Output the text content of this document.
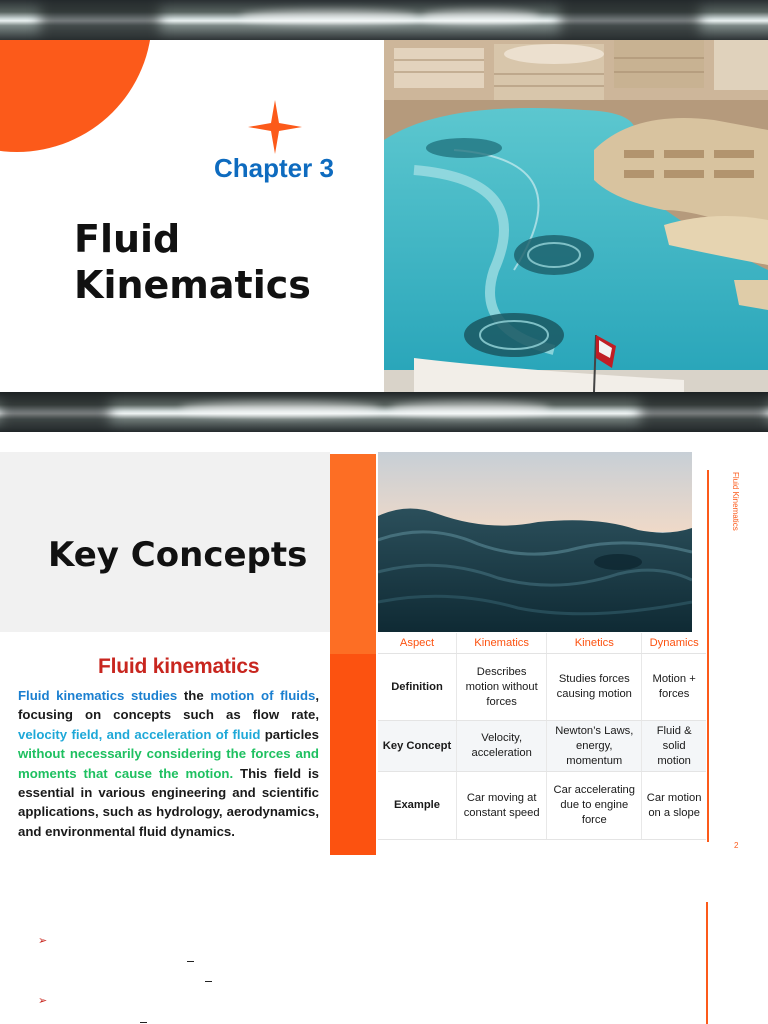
Chapter 3

Fluid
Kinematics
Key Concepts

Fluid kinematics

Fluid kinematics studies the motion of fluids, focusing on concepts such as flow rate, velocity field, and acceleration of fluid particles without necessarily considering the forces and moments that cause the motion. This field is essential in various engineering and scientific applications, such as hydrology, aerodynamics, and environmental fluid dynamics.

Aspect	Kinematics	Kinetics	Dynamics
Definition	Describes motion without forces	Studies forces causing motion	Motion + forces
Key Concept	Velocity, acceleration	Newton’s Laws, energy, momentum	Fluid & solid motion
Example	Car moving at constant speed	Car accelerating due to engine force	Car motion on a slope

Fluid Kinematics

2

➢
➢
